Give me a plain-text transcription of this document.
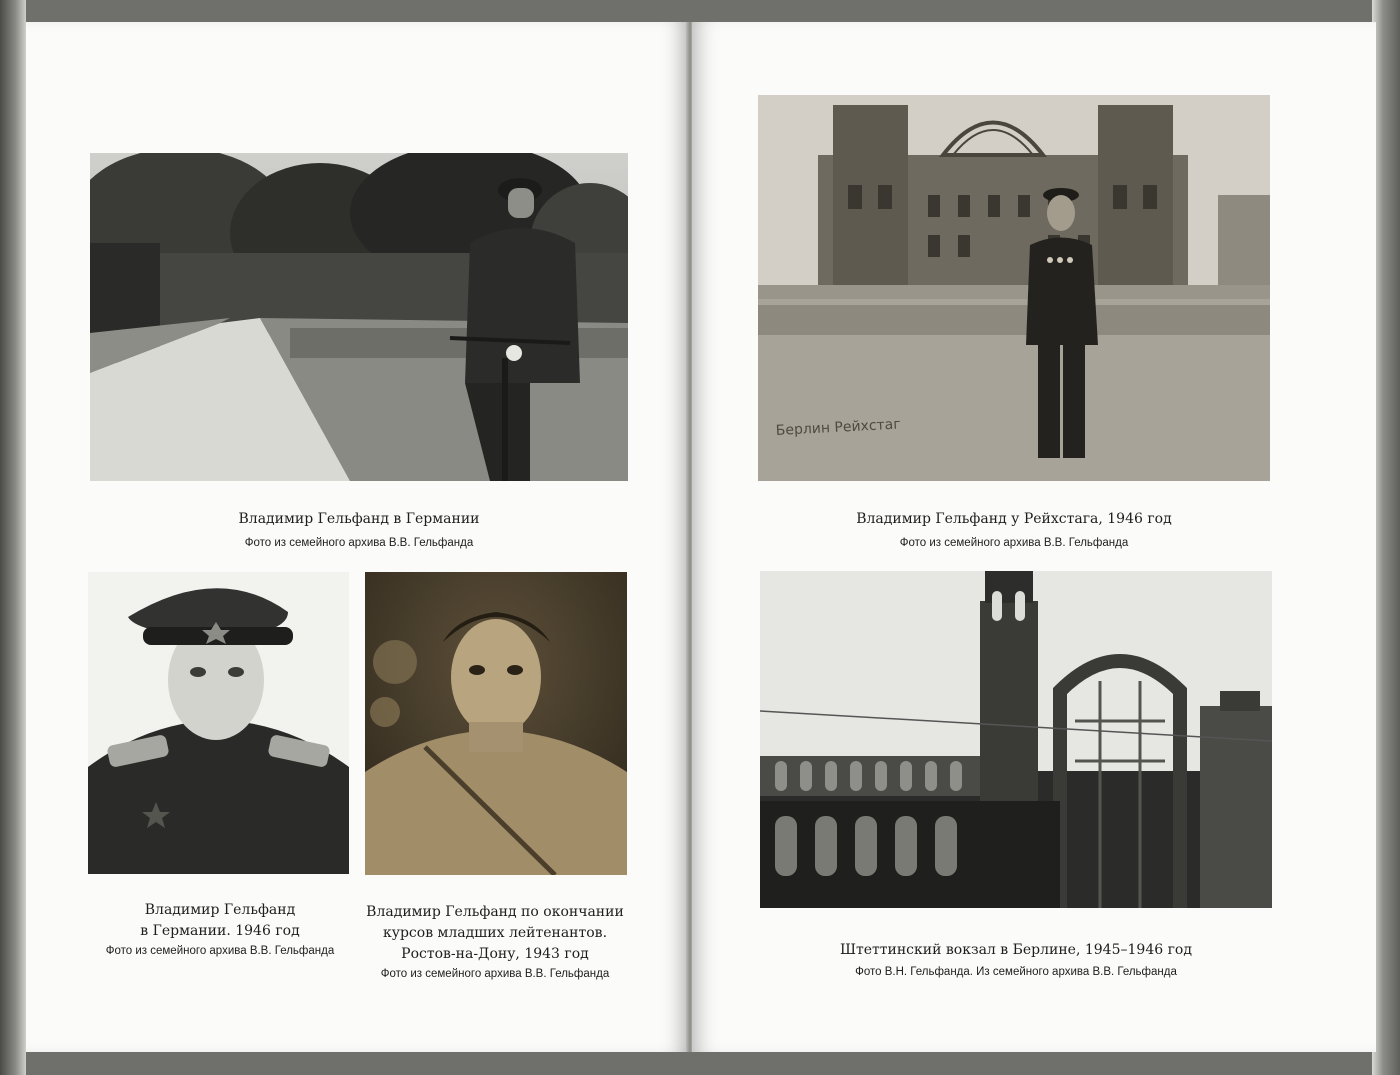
Владимир Гельфанд в Германии
Фото из семейного архива В.В. Гельфанда
Владимир Гельфанд
в Германии. 1946 год
Фото из семейного архива В.В. Гельфанда
Владимир Гельфанд по окончании
курсов младших лейтенантов.
Ростов-на-Дону, 1943 год
Фото из семейного архива В.В. Гельфанда
Берлин Рейхстаг
Владимир Гельфанд у Рейхстага, 1946 год
Фото из семейного архива В.В. Гельфанда
Штеттинский вокзал в Берлине, 1945–1946 год
Фото В.Н. Гельфанда. Из семейного архива В.В. Гельфанда
